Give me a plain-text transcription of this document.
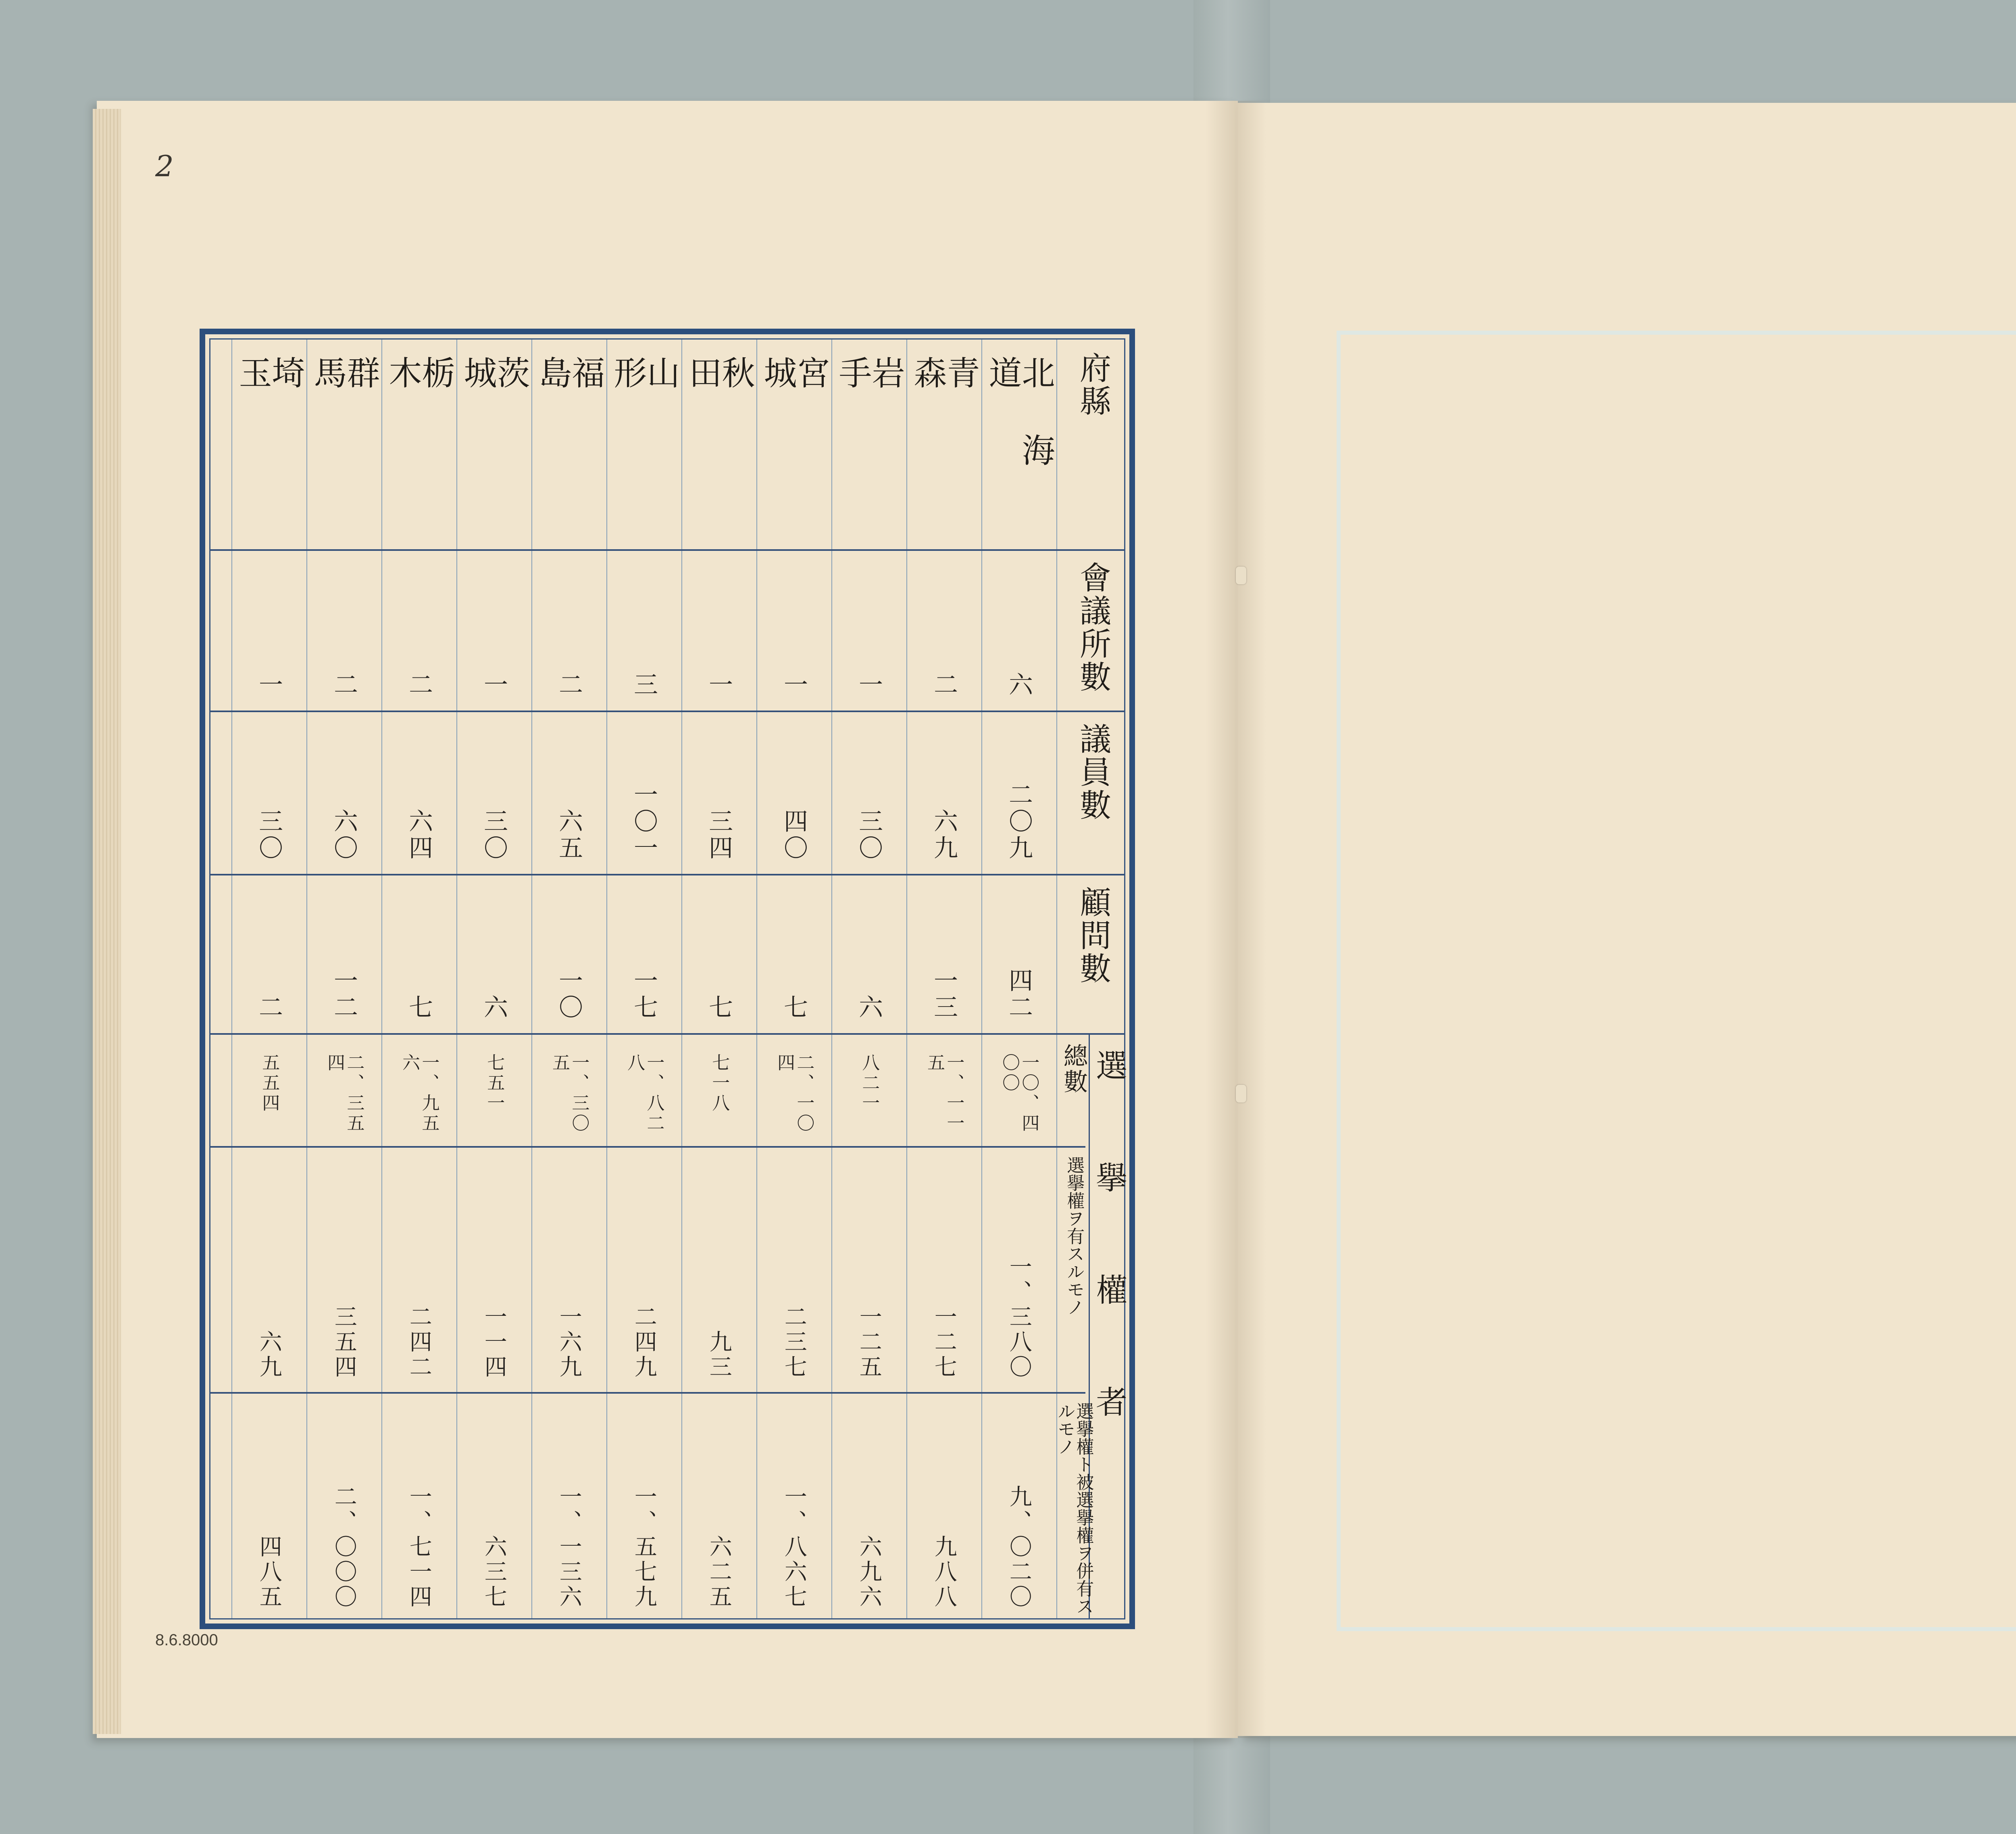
2
8.6.8000
府縣
會議所數
議員數
顧問數
選擧權者
總數
選擧權ヲ有スルモノ
選擧權ト被選擧權ヲ併有スルモノ
北海道
六
二〇九
四二
一〇、四〇〇
一、三八〇
九、〇二〇
青森
二
六九
一三
一、一一五
一二七
九八八
岩手
一
三〇
六
八二一
一二五
六九六
宮城
一
四〇
七
二、一〇四
二三七
一、八六七
秋田
一
三四
七
七一八
九三
六二五
山形
三
一〇一
一七
一、八二八
二四九
一、五七九
福島
二
六五
一〇
一、三〇五
一六九
一、一三六
茨城
一
三〇
六
七五一
一一四
六三七
栃木
二
六四
七
一、九五六
二四二
一、七一四
群馬
二
六〇
一二
二、三五四
三五四
二、〇〇〇
埼玉
一
三〇
二
五五四
六九
四八五
